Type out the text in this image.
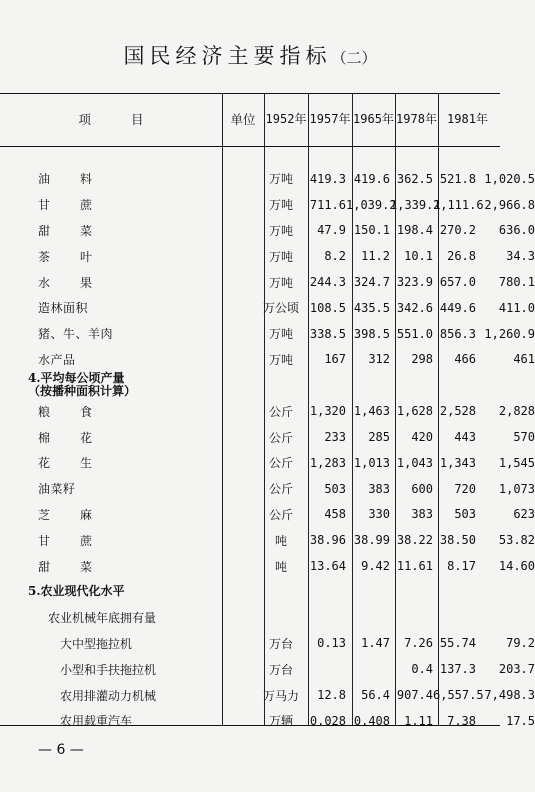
国民经济主要指标（二）
项目	单位 1952年 1957年 1965年 1978年 1981年
油料	万吨	419.3	419.6	362.5	521.8	1,020.5
甘蔗	万吨	711.6	1,039.2	1,339.1	2,111.6	2,966.8
甜菜	万吨	47.9	150.1	198.4	270.2	636.0
茶叶	万吨	8.2	11.2	10.1	26.8	34.3
水果	万吨	244.3	324.7	323.9	657.0	780.1
造林面积	万公顷	108.5	435.5	342.6	449.6	411.0
猪、牛、羊肉	万吨	338.5	398.5	551.0	856.3	1,260.9
水产品	万吨	167	312	298	466	461
4.平均每公顷产量
（按播种面积计算）						
粮食	公斤	1,320	1,463	1,628	2,528	2,828
棉花	公斤	233	285	420	443	570
花生	公斤	1,283	1,013	1,043	1,343	1,545
油菜籽	公斤	503	383	600	720	1,073
芝麻	公斤	458	330	383	503	623
甘蔗	吨	38.96	38.99	38.22	38.50	53.82
甜菜	吨	13.64	9.42	11.61	8.17	14.60
5.农业现代化水平						
农业机械年底拥有量						
大中型拖拉机	万台	0.13	1.47	7.26	55.74	79.2
小型和手扶拖拉机	万台			0.4	137.3	203.7
农用排灌动力机械	万马力	12.8	56.4	907.4	6,557.5	7,498.3
农用载重汽车	万辆	0.028	0.408	1.11	7.38	17.5
— 6 —
